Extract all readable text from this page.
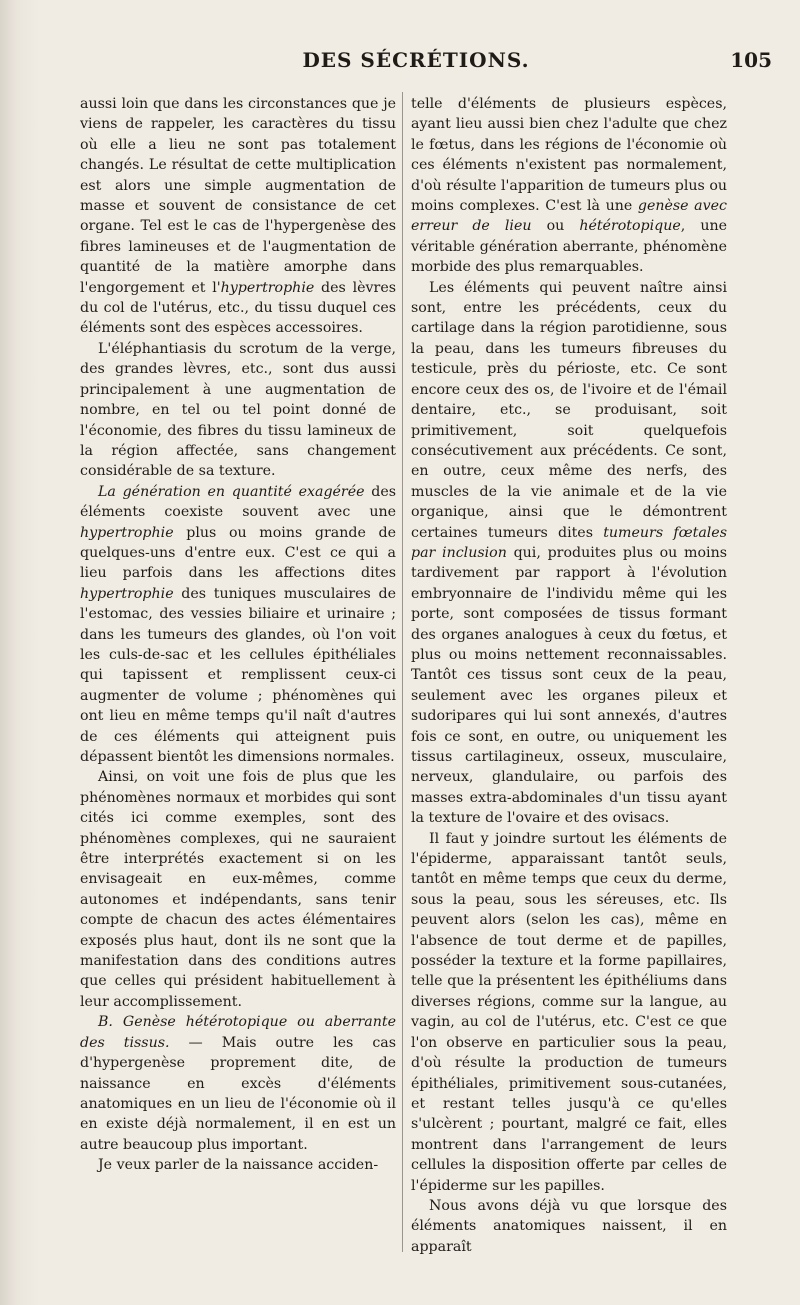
DES SÉCRÉTIONS.	105

aussi loin que dans les circonstances que je viens de rappeler, les caractères du tissu où elle a lieu ne sont pas totalement changés. Le résultat de cette multiplication est alors une simple augmentation de masse et souvent de consistance de cet organe. Tel est le cas de l'hypergenèse des fibres lamineuses et de l'augmentation de quantité de la matière amorphe dans l'engorgement et l'hypertrophie des lèvres du col de l'utérus, etc., du tissu duquel ces éléments sont des espèces accessoires.

L'éléphantiasis du scrotum de la verge, des grandes lèvres, etc., sont dus aussi principalement à une augmentation de nombre, en tel ou tel point donné de l'économie, des fibres du tissu lamineux de la région affectée, sans changement considérable de sa texture.

La génération en quantité exagérée des éléments coexiste souvent avec une hypertrophie plus ou moins grande de quelques-uns d'entre eux. C'est ce qui a lieu parfois dans les affections dites hypertrophie des tuniques musculaires de l'estomac, des vessies biliaire et urinaire ; dans les tumeurs des glandes, où l'on voit les culs-de-sac et les cellules épithéliales qui tapissent et remplissent ceux-ci augmenter de volume ; phénomènes qui ont lieu en même temps qu'il naît d'autres de ces éléments qui atteignent puis dépassent bientôt les dimensions normales.

Ainsi, on voit une fois de plus que les phénomènes normaux et morbides qui sont cités ici comme exemples, sont des phénomènes complexes, qui ne sauraient être interprétés exactement si on les envisageait en eux-mêmes, comme autonomes et indépendants, sans tenir compte de chacun des actes élémentaires exposés plus haut, dont ils ne sont que la manifestation dans des conditions autres que celles qui président habituellement à leur accomplissement.

B. Genèse hétérotopique ou aberrante des tissus. — Mais outre les cas d'hypergenèse proprement dite, de naissance en excès d'éléments anatomiques en un lieu de l'économie où il en existe déjà normalement, il en est un autre beaucoup plus important.

Je veux parler de la naissance acciden-

telle d'éléments de plusieurs espèces, ayant lieu aussi bien chez l'adulte que chez le fœtus, dans les régions de l'économie où ces éléments n'existent pas normalement, d'où résulte l'apparition de tumeurs plus ou moins complexes. C'est là une genèse avec erreur de lieu ou hétérotopique, une véritable génération aberrante, phénomène morbide des plus remarquables.

Les éléments qui peuvent naître ainsi sont, entre les précédents, ceux du cartilage dans la région parotidienne, sous la peau, dans les tumeurs fibreuses du testicule, près du périoste, etc. Ce sont encore ceux des os, de l'ivoire et de l'émail dentaire, etc., se produisant, soit primitivement, soit quelquefois consécutivement aux précédents. Ce sont, en outre, ceux même des nerfs, des muscles de la vie animale et de la vie organique, ainsi que le démontrent certaines tumeurs dites tumeurs fœtales par inclusion qui, produites plus ou moins tardivement par rapport à l'évolution embryonnaire de l'individu même qui les porte, sont composées de tissus formant des organes analogues à ceux du fœtus, et plus ou moins nettement reconnaissables. Tantôt ces tissus sont ceux de la peau, seulement avec les organes pileux et sudoripares qui lui sont annexés, d'autres fois ce sont, en outre, ou uniquement les tissus cartilagineux, osseux, musculaire, nerveux, glandulaire, ou parfois des masses extra-abdominales d'un tissu ayant la texture de l'ovaire et des ovisacs.

Il faut y joindre surtout les éléments de l'épiderme, apparaissant tantôt seuls, tantôt en même temps que ceux du derme, sous la peau, sous les séreuses, etc. Ils peuvent alors (selon les cas), même en l'absence de tout derme et de papilles, posséder la texture et la forme papillaires, telle que la présentent les épithéliums dans diverses régions, comme sur la langue, au vagin, au col de l'utérus, etc. C'est ce que l'on observe en particulier sous la peau, d'où résulte la production de tumeurs épithéliales, primitivement sous-cutanées, et restant telles jusqu'à ce qu'elles s'ulcèrent ; pourtant, malgré ce fait, elles montrent dans l'arrangement de leurs cellules la disposition offerte par celles de l'épiderme sur les papilles.

Nous avons déjà vu que lorsque des éléments anatomiques naissent, il en apparaît
